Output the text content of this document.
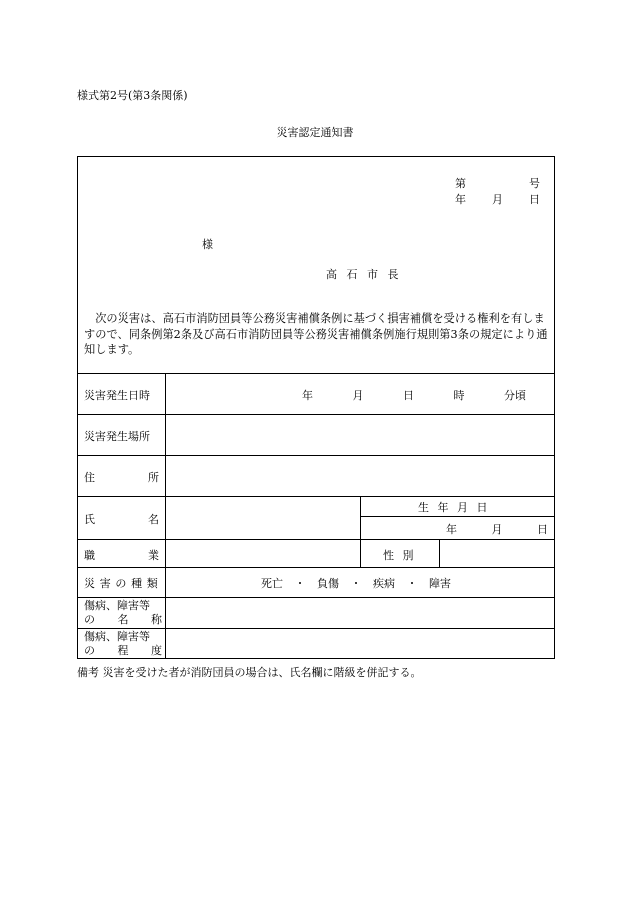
様式第2号(第3条関係)
災害認定通知書
第	号
年 月 日
様
高 石 市 長
次の災害は、高石市消防団員等公務災害補償条例に基づく損害補償を受ける権利を有しますので、同条例第2条及び高石市消防団員等公務災害補償条例施行規則第3条の規定により通知します。
災害発生日時	年	月	日	時	分頃
災害発生場所
住	所
氏	名
生 年 月 日
年	月	日
職	業	性 別
災 害 の 種 類	死亡 ・ 負傷 ・ 疾病 ・ 障害
傷病、障害等
の 名 称
傷病、障害等
の 程 度
備考 災害を受けた者が消防団員の場合は、氏名欄に階級を併記する。
